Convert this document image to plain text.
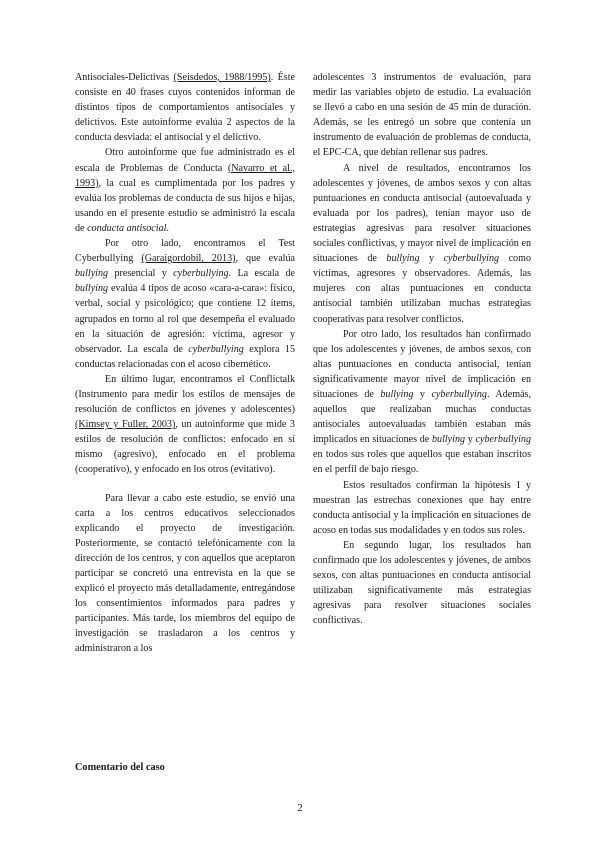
Antisociales-Delictivas (Seisdedos, 1988/1995). Éste consiste en 40 frases cuyos contenidos informan de distintos tipos de comportamientos antisociales y delictivos. Este autoinforme evalúa 2 aspectos de la conducta desviada: el antisocial y el delictivo.

Otro autoinforme que fue administrado es el escala de Problemas de Conducta (Navarro et al., 1993), la cual es cumplimentada por los padres y evalúa los problemas de conducta de sus hijos e hijas, usando en el presente estudio se administró la escala de conducta antisocial.

Por otro lado, encontramos el Test Cyberbullying (Garaigordobil, 2013), que evalúa bullying presencial y cyberbullying. La escala de bullying evalúa 4 tipos de acoso «cara-a-cara»: físico, verbal, social y psicológico; que contiene 12 ítems, agrupados en torno al rol que desempeña el evaluado en la situación de agresión: víctima, agresor y observador. La escala de cyberbullying explora 15 conductas relacionadas con el acoso cibernético.

En último lugar, encontramos el Conflictalk (Instrumento para medir los estilos de mensajes de resolución de conflictos en jóvenes y adolescentes) (Kimsey y Fuller, 2003), un autoinforme que mide 3 estilos de resolución de conflictos: enfocado en sí mismo (agresivo), enfocado en el problema (cooperativo), y enfocado en los otros (evitativo).

Para llevar a cabo este estudio, se envió una carta a los centros educativos seleccionados explicando el proyecto de investigación. Posteriormente, se contactó telefónicamente con la dirección de los centros, y con aquellos que aceptaron participar se concretó una entrevista en la que se explicó el proyecto más detalladamente, entregándose los consentimientos informados para padres y participantes. Más tarde, los miembros del equipo de investigación se trasladaron a los centros y administraron a los

adolescentes 3 instrumentos de evaluación, para medir las variables objeto de estudio. La evaluación se llevó a cabo en una sesión de 45 min de duración. Además, se les entregó un sobre que contenía un instrumento de evaluación de problemas de conducta, el EPC-CA, que debían rellenar sus padres.

A nivel de resultados, encontramos los adolescentes y jóvenes, de ambos sexos y con altas puntuaciones en conducta antisocial (autoevaluada y evaluada por los padres), tenían mayor uso de estrategias agresivas para resolver situaciones sociales conflictivas, y mayor nivel de implicación en situaciones de bullying y cyberbullying como víctimas, agresores y observadores. Además, las mujeres con altas puntuaciones en conducta antisocial también utilizaban muchas estrategias cooperativas para resolver conflictos.

Por otro lado, los resultados han confirmado que los adolescentes y jóvenes, de ambos sexos, con altas puntuaciones en conducta antisocial, tenían significativamente mayor nivel de implicación en situaciones de bullying y cyberbullying. Además, aquellos que realizaban muchas conductas antisociales autoevaluadas también estaban más implicados en situaciones de bullying y cyberbullying en todos sus roles que aquellos que estaban inscritos en el perfil de bajo riesgo.

Estos resultados confirman la hipótesis 1 y muestran las estrechas conexiones que hay entre conducta antisocial y la implicación en situaciones de acoso en todas sus modalidades y en todos sus roles.

En segundo lugar, los resultados han confirmado que los adolescentes y jóvenes, de ambos sexos, con altas puntuaciones en conducta antisocial utilizaban significativamente más estrategias agresivas para resolver situaciones sociales conflictivas.

Comentario del caso

2
